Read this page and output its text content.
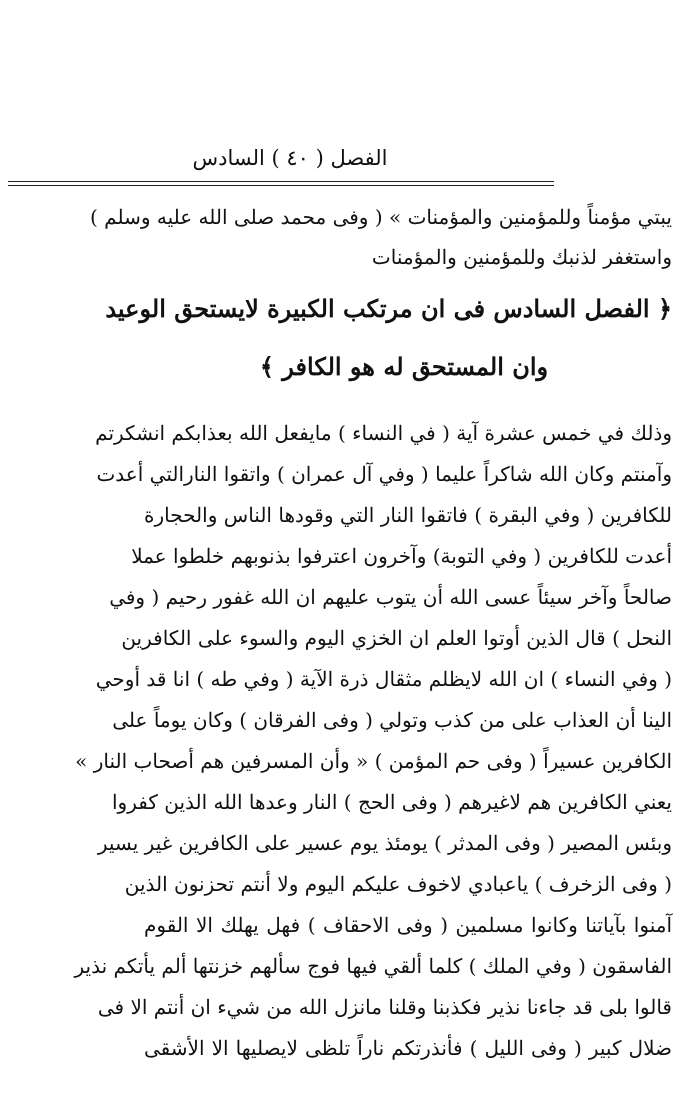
الفصل ( ٤٠ ) السادس
يبتي مؤمناً وللمؤمنين والمؤمنات » ( وفى محمد صلى الله عليه وسلم )
واستغفر لذنبك وللمؤمنين والمؤمنات
﴿ الفصل السادس فى ان مرتكب الكبيرة لايستحق الوعيد
وان المستحق له هو الكافر ﴾
وذلك في خمس عشرة آية ( في النساء ) مايفعل الله بعذابكم انشكرتم
وآمنتم وكان الله شاكراً عليما ( وفي آل عمران ) واتقوا النارالتي أعدت
للكافرين ( وفي البقرة ) فاتقوا النار التي وقودها الناس والحجارة
أعدت للكافرين ( وفي التوبة) وآخرون اعترفوا بذنوبهم خلطوا عملا
صالحاً وآخر سيئاً عسى الله أن يتوب عليهم ان الله غفور رحيم ( وفي
النحل ) قال الذين أوتوا العلم ان الخزي اليوم والسوء على الكافرين
( وفي النساء ) ان الله لايظلم مثقال ذرة الآية ( وفي طه ) انا قد أوحي
الينا أن العذاب على من كذب وتولي ( وفى الفرقان ) وكان يوماً على
الكافرين عسيراً ( وفى حم المؤمن ) « وأن المسرفين هم أصحاب النار »
يعني الكافرين هم لاغيرهم ( وفى الحج ) النار وعدها الله الذين كفروا
وبئس المصير ( وفى المدثر ) يومئذ يوم عسير على الكافرين غير يسير
( وفى الزخرف ) ياعبادي لاخوف عليكم اليوم ولا أنتم تحزنون الذين
آمنوا بآياتنا وكانوا مسلمين ( وفى الاحقاف ) فهل يهلك الا القوم
الفاسقون ( وفي الملك ) كلما ألقي فيها فوج سألهم خزنتها ألم يأتكم نذير
قالوا بلى قد جاءنا نذير فكذبنا وقلنا مانزل الله من شيء ان أنتم الا فى
ضلال كبير ( وفى الليل ) فأنذرتكم ناراً تلظى لايصليها الا الأشقى
